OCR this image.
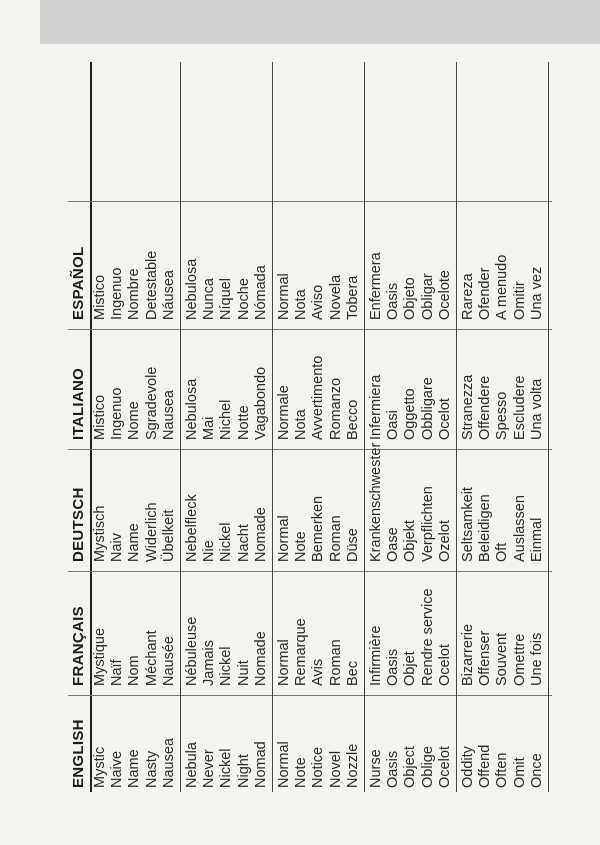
ENGLISH
FRANÇAIS
DEUTSCH
ITALIANO
ESPAÑOL
Mystic
Mystique
Mystisch
Mistico
Mistico
Naive
Naïf
Naiv
Ingenuo
Ingenuo
Name
Nom
Name
Nome
Nombre
Nasty
Méchant
Widerlich
Sgradevole
Detestable
Nausea
Nausée
Übelkeit
Nausea
Náusea
Nebula
Nébuleuse
Nebelfleck
Nebulosa
Nebulosa
Never
Jamais
Nie
Mai
Nunca
Nickel
Nickel
Nickel
Nichel
Níquel
Night
Nuit
Nacht
Notte
Noche
Nomad
Nomade
Nomade
Vagabondo
Nómada
Normal
Normal
Normal
Normale
Normal
Note
Remarque
Note
Nota
Nota
Notice
Avis
Bemerken
Avvertimento
Aviso
Novel
Roman
Roman
Romanzo
Novela
Nozzle
Bec
Düse
Becco
Tobera
Nurse
Infirmière
Krankenschwester
Infermiera
Enfermera
Oasis
Oasis
Oase
Oasi
Oasis
Object
Objet
Objekt
Oggetto
Objeto
Oblige
Rendre service
Verpflichten
Obbligare
Obligar
Ocelot
Ocelot
Ozelot
Ocelot
Ocelote
Oddity
Bizarrerie
Seltsamkeit
Stranezza
Rareza
Offend
Offenser
Beleidigen
Offendere
Ofender
Often
Souvent
Oft
Spesso
A menudo
Omit
Omettre
Auslassen
Escludere
Omitir
Once
Une fois
Einmal
Una volta
Una vez
